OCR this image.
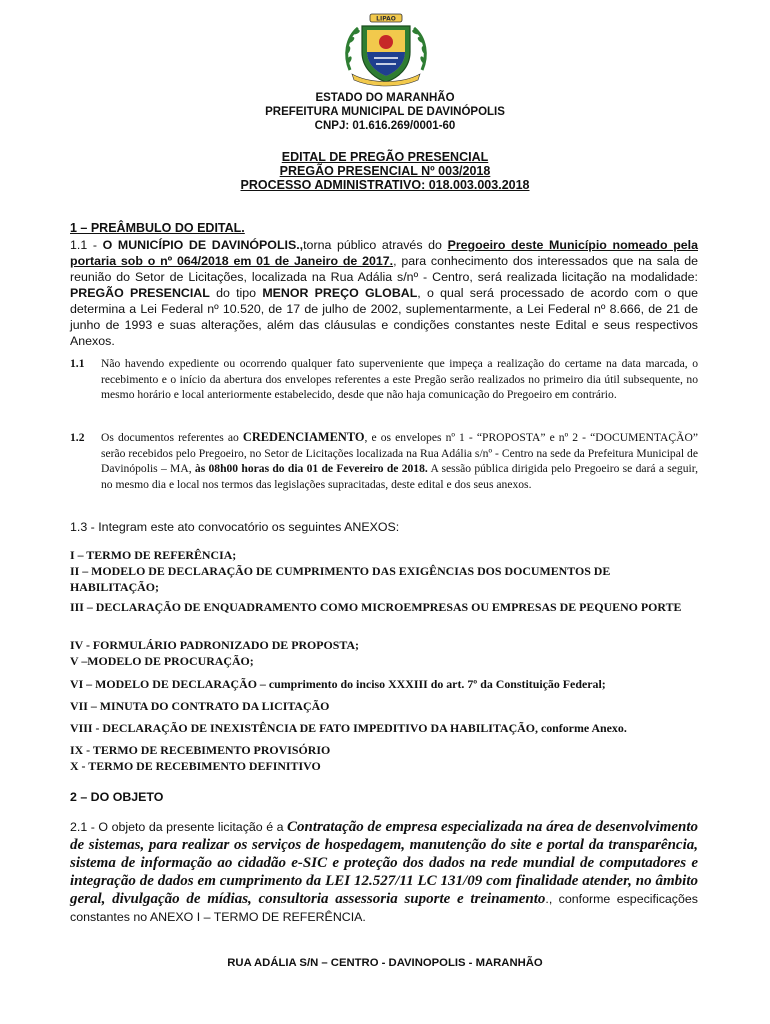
LIPAO
ESTADO DO MARANHÃO
PREFEITURA MUNICIPAL DE DAVINÓPOLIS
CNPJ: 01.616.269/0001-60
EDITAL DE PREGÃO PRESENCIAL
PREGÃO PRESENCIAL Nº 003/2018
PROCESSO ADMINISTRATIVO: 018.003.003.2018
1 – PREÂMBULO DO EDITAL.
1.1 - O MUNICÍPIO DE DAVINÓPOLIS.,torna público através do Pregoeiro deste Município nomeado pela portaria sob o nº 064/2018 em 01 de Janeiro de 2017., para conhecimento dos interessados que na sala de reunião do Setor de Licitações, localizada na Rua Adália s/nº - Centro, será realizada licitação na modalidade: PREGÃO PRESENCIAL do tipo MENOR PREÇO GLOBAL, o qual será processado de acordo com o que determina a Lei Federal nº 10.520, de 17 de julho de 2002, suplementarmente, a Lei Federal nº 8.666, de 21 de junho de 1993 e suas alterações, além das cláusulas e condições constantes neste Edital e seus respectivos Anexos.
1.1	Não havendo expediente ou ocorrendo qualquer fato superveniente que impeça a realização do certame na data marcada, o recebimento e o início da abertura dos envelopes referentes a este Pregão serão realizados no primeiro dia útil subsequente, no mesmo horário e local anteriormente estabelecido, desde que não haja comunicação do Pregoeiro em contrário.
1.2	Os documentos referentes ao CREDENCIAMENTO, e os envelopes nº 1 - “PROPOSTA” e nº 2 - “DOCUMENTAÇÃO” serão recebidos pelo Pregoeiro, no Setor de Licitações localizada na Rua Adália s/nº - Centro na sede da Prefeitura Municipal de Davinópolis – MA, às 08h00 horas do dia 01 de Fevereiro de 2018. A sessão pública dirigida pelo Pregoeiro se dará a seguir, no mesmo dia e local nos termos das legislações supracitadas, deste edital e dos seus anexos.
1.3 - Integram este ato convocatório os seguintes ANEXOS:
I – TERMO DE REFERÊNCIA;
II – MODELO DE DECLARAÇÃO DE CUMPRIMENTO DAS EXIGÊNCIAS DOS DOCUMENTOS DE HABILITAÇÃO;
III – DECLARAÇÃO DE ENQUADRAMENTO COMO MICROEMPRESAS OU EMPRESAS DE PEQUENO PORTE
IV - FORMULÁRIO PADRONIZADO DE PROPOSTA;
V –MODELO DE PROCURAÇÃO;
VI – MODELO DE DECLARAÇÃO – cumprimento do inciso XXXIII do art. 7º da Constituição Federal;
VII – MINUTA DO CONTRATO DA LICITAÇÃO
VIII - DECLARAÇÃO DE INEXISTÊNCIA DE FATO IMPEDITIVO DA HABILITAÇÃO, conforme Anexo.
IX - TERMO DE RECEBIMENTO PROVISÓRIO
X - TERMO DE RECEBIMENTO DEFINITIVO
2 – DO OBJETO
2.1 - O objeto da presente licitação é a Contratação de empresa especializada na área de desenvolvimento de sistemas, para realizar os serviços de hospedagem, manutenção do site e portal da transparência, sistema de informação ao cidadão e-SIC e proteção dos dados na rede mundial de computadores e integração de dados em cumprimento da LEI 12.527/11 LC 131/09 com finalidade atender, no âmbito geral, divulgação de mídias, consultoria assessoria suporte e treinamento., conforme especificações constantes no ANEXO I – TERMO DE REFERÊNCIA.
RUA ADÁLIA S/N – CENTRO - DAVINOPOLIS - MARANHÃO
